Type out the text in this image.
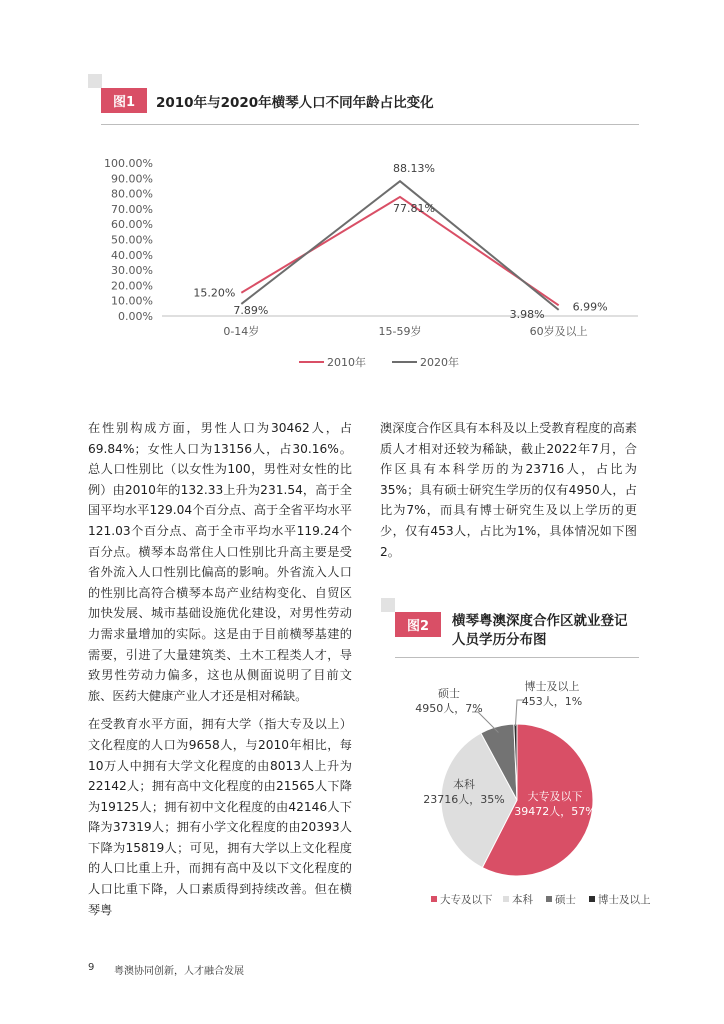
图1	2010年与2020年横琴人口不同年龄占比变化
100.00%
90.00%
80.00%
70.00%
60.00%
50.00%
40.00%
30.00%
20.00%
10.00%
0.00%
0-14岁	15-59岁	60岁及以上
15.20%
77.81%
6.99%
7.89%
88.13%
3.98%
2010年	2020年

在性别构成方面，男性人口为30462人，占69.84%；女性人口为13156人，占30.16%。总人口性别比（以女性为100，男性对女性的比例）由2010年的132.33上升为231.54，高于全国平均水平129.04个百分点、高于全省平均水平121.03个百分点、高于全市平均水平119.24个百分点。横琴本岛常住人口性别比升高主要是受省外流入人口性别比偏高的影响。外省流入人口的性别比高符合横琴本岛产业结构变化、自贸区加快发展、城市基础设施优化建设，对男性劳动力需求量增加的实际。这是由于目前横琴基建的需要，引进了大量建筑类、土木工程类人才，导致男性劳动力偏多，这也从侧面说明了目前文旅、医药大健康产业人才还是相对稀缺。

在受教育水平方面，拥有大学（指大专及以上）文化程度的人口为9658人，与2010年相比，每10万人中拥有大学文化程度的由8013人上升为22142人；拥有高中文化程度的由21565人下降为19125人；拥有初中文化程度的由42146人下降为37319人；拥有小学文化程度的由20393人下降为15819人；可见，拥有大学以上文化程度的人口比重上升，而拥有高中及以下文化程度的人口比重下降，人口素质得到持续改善。但在横琴粤

澳深度合作区具有本科及以上受教育程度的高素质人才相对还较为稀缺，截止2022年7月，合作区具有本科学历的为23716人，占比为35%；具有硕士研究生学历的仅有4950人，占比为7%，而具有博士研究生及以上学历的更少，仅有453人，占比为1%，具体情况如下图2。

图2	横琴粤澳深度合作区就业登记人员学历分布图
大专及以下 39472人，57%
本科 23716人，35%
硕士 4950人，7%
博士及以上 453人，1%
大专及以下 本科 硕士 博士及以上
9 粤澳协同创新，人才融合发展
